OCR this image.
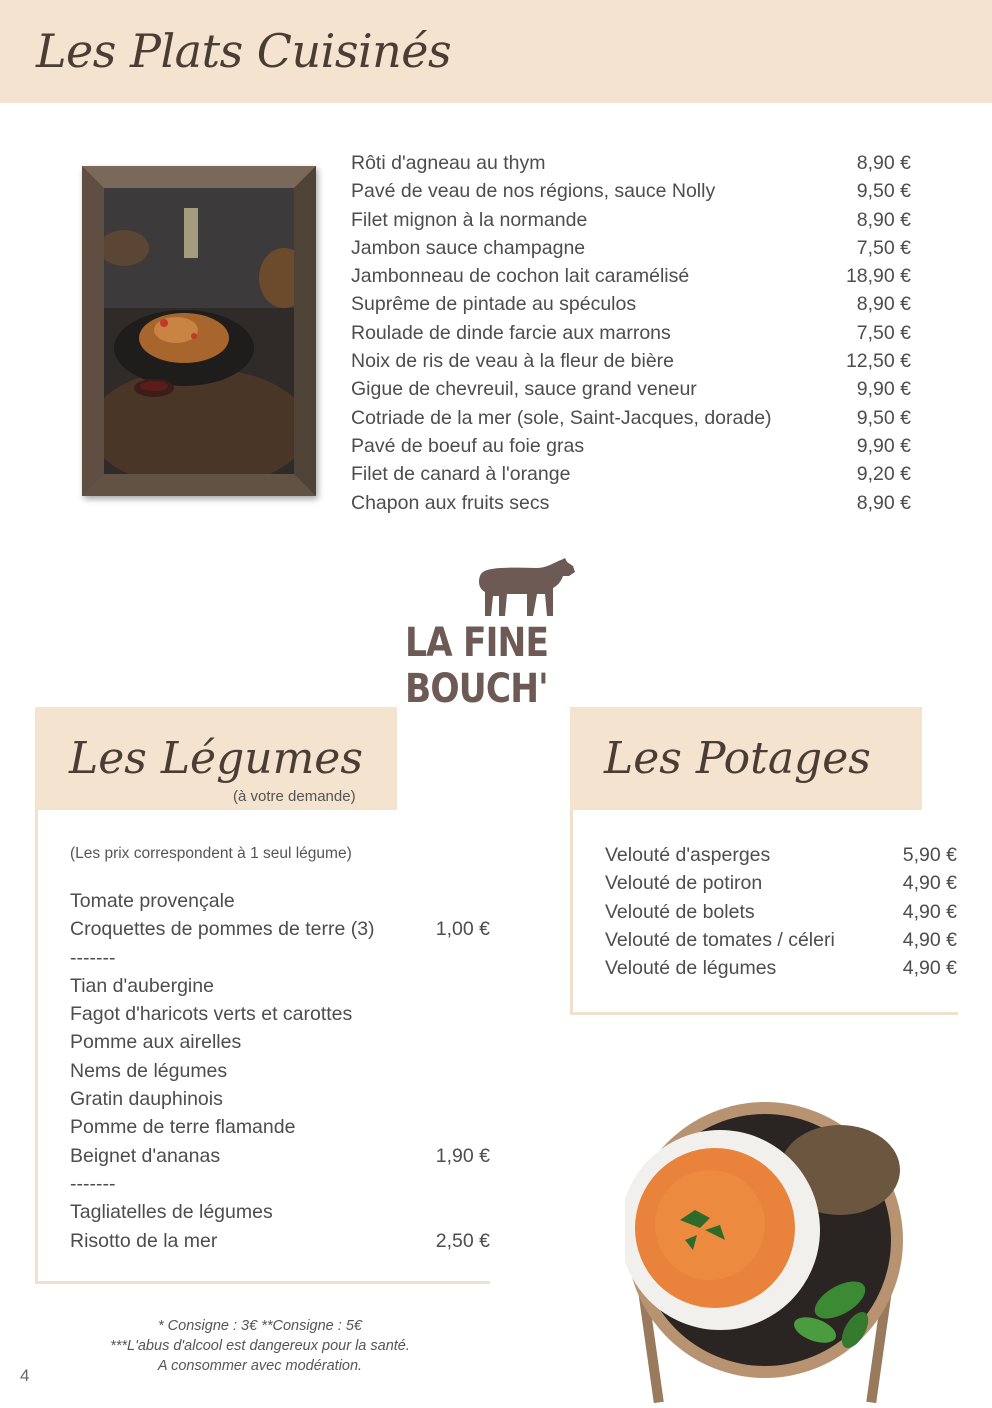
Les Plats Cuisinés
Rôti d'agneau au thym	8,90 €
Pavé de veau de nos régions, sauce Nolly	9,50 €
Filet mignon à la normande	8,90 €
Jambon sauce champagne	7,50 €
Jambonneau de cochon lait caramélisé	18,90 €
Suprême de pintade au spéculos	8,90 €
Roulade de dinde farcie aux marrons	7,50 €
Noix de ris de veau à la fleur de bière	12,50 €
Gigue de chevreuil, sauce grand veneur	9,90 €
Cotriade de la mer (sole, Saint-Jacques, dorade)	9,50 €
Pavé de boeuf au foie gras	9,90 €
Filet de canard à l'orange	9,20 €
Chapon aux fruits secs	8,90 €
LA FINE BOUCH'
Les Légumes
(à votre demande)
(Les prix correspondent à 1 seul légume)
Tomate provençale
Croquettes de pommes de terre (3)	1,00 €
-------
Tian d'aubergine
Fagot d'haricots verts et carottes
Pomme aux airelles
Nems de légumes
Gratin dauphinois
Pomme de terre flamande
Beignet d'ananas	1,90 €
-------
Tagliatelles de légumes
Risotto de la mer	2,50 €
Les Potages
Velouté d'asperges	5,90 €
Velouté de potiron	4,90 €
Velouté de bolets	4,90 €
Velouté de tomates / céleri	4,90 €
Velouté de légumes	4,90 €
* Consigne : 3€ **Consigne : 5€
***L'abus d'alcool est dangereux pour la santé.
A consommer avec modération.
4
